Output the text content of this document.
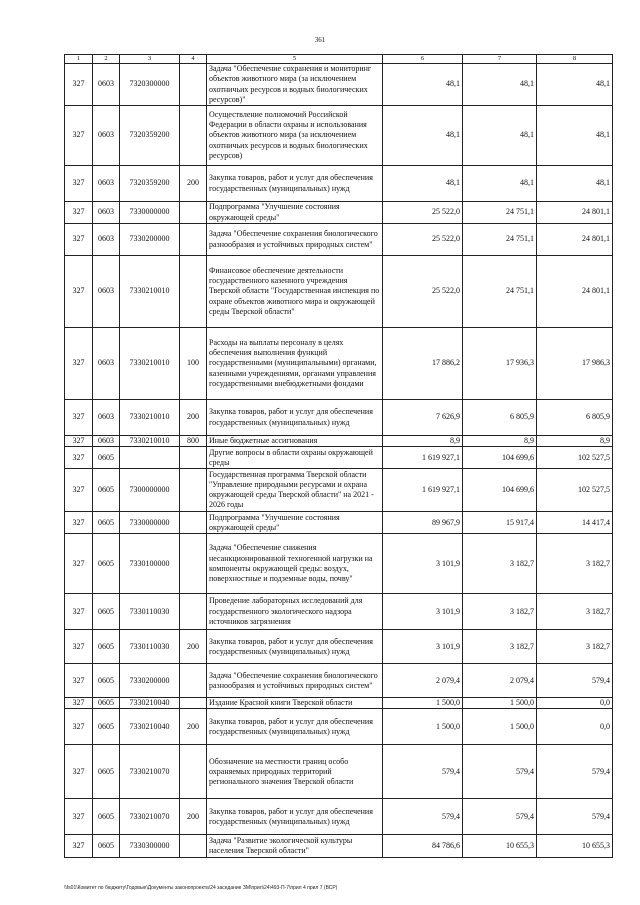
361
1	2	3	4	5	6	7	8
327	0603	7320300000		Задача "Обеспечение сохранения и мониторинг объектов животного мира (за исключением охотничьих ресурсов и водных биологических ресурсов)"	48,1	48,1	48,1
327	0603	7320359200		Осуществление полномочий Российской Федерации в области охраны и использования объектов животного мира (за исключением охотничьих ресурсов и водных биологических ресурсов)	48,1	48,1	48,1
327	0603	7320359200	200	Закупка товаров, работ и услуг для обеспечения государственных (муниципальных) нужд	48,1	48,1	48,1
327	0603	7330000000		Подпрограмма "Улучшение состояния окружающей среды"	25 522,0	24 751,1	24 801,1
327	0603	7330200000		Задача "Обеспечение сохранения биологического разнообразия и устойчивых природных систем"	25 522,0	24 751,1	24 801,1
327	0603	7330210010		Финансовое обеспечение деятельности государственного казенного учреждения Тверской области "Государственная инспекция по охране объектов животного мира и окружающей среды Тверской области"	25 522,0	24 751,1	24 801,1
327	0603	7330210010	100	Расходы на выплаты персоналу в целях обеспечения выполнения функций государственными (муниципальными) органами, казенными учреждениями, органами управления государственными внебюджетными фондами	17 886,2	17 936,3	17 986,3
327	0603	7330210010	200	Закупка товаров, работ и услуг для обеспечения государственных (муниципальных) нужд	7 626,9	6 805,9	6 805,9
327	0603	7330210010	800	Иные бюджетные ассигнования	8,9	8,9	8,9
327	0605			Другие вопросы в области охраны окружающей среды	1 619 927,1	104 699,6	102 527,5
327	0605	7300000000		Государственная программа Тверской области "Управление природными ресурсами и охрана окружающей среды Тверской области" на 2021 - 2026 годы	1 619 927,1	104 699,6	102 527,5
327	0605	7330000000		Подпрограмма "Улучшение состояния окружающей среды"	89 967,9	15 917,4	14 417,4
327	0605	7330100000		Задача "Обеспечение снижения несанкционированной техногенной нагрузки на компоненты окружающей среды: воздух, поверхностные и подземные воды, почву"	3 101,9	3 182,7	3 182,7
327	0605	7330110030		Проведение лабораторных исследований для государственного экологического надзора источников загрязнения	3 101,9	3 182,7	3 182,7
327	0605	7330110030	200	Закупка товаров, работ и услуг для обеспечения государственных (муниципальных) нужд	3 101,9	3 182,7	3 182,7
327	0605	7330200000		Задача "Обеспечение сохранения биологического разнообразия и устойчивых природных систем"	2 079,4	2 079,4	579,4
327	0605	7330210040		Издание Красной книги Тверской области	1 500,0	1 500,0	0,0
327	0605	7330210040	200	Закупка товаров, работ и услуг для обеспечения государственных (муниципальных) нужд	1 500,0	1 500,0	0,0
327	0605	7330210070		Обозначение на местности границ особо охраняемых природных территорий регионального значения Тверской области	579,4	579,4	579,4
327	0605	7330210070	200	Закупка товаров, работ и услуг для обеспечения государственных (муниципальных) нужд	579,4	579,4	579,4
327	0605	7330300000		Задача "Развитие экологической культуры населения Тверской области"	84 786,6	10 655,3	10 655,3
\\fs01\Комитет по бюджету\Годовые\Документы законопроекта\24 заседание ЗМ\прил\24\493-П-7\прил 4 прил 7 (ВСР)
